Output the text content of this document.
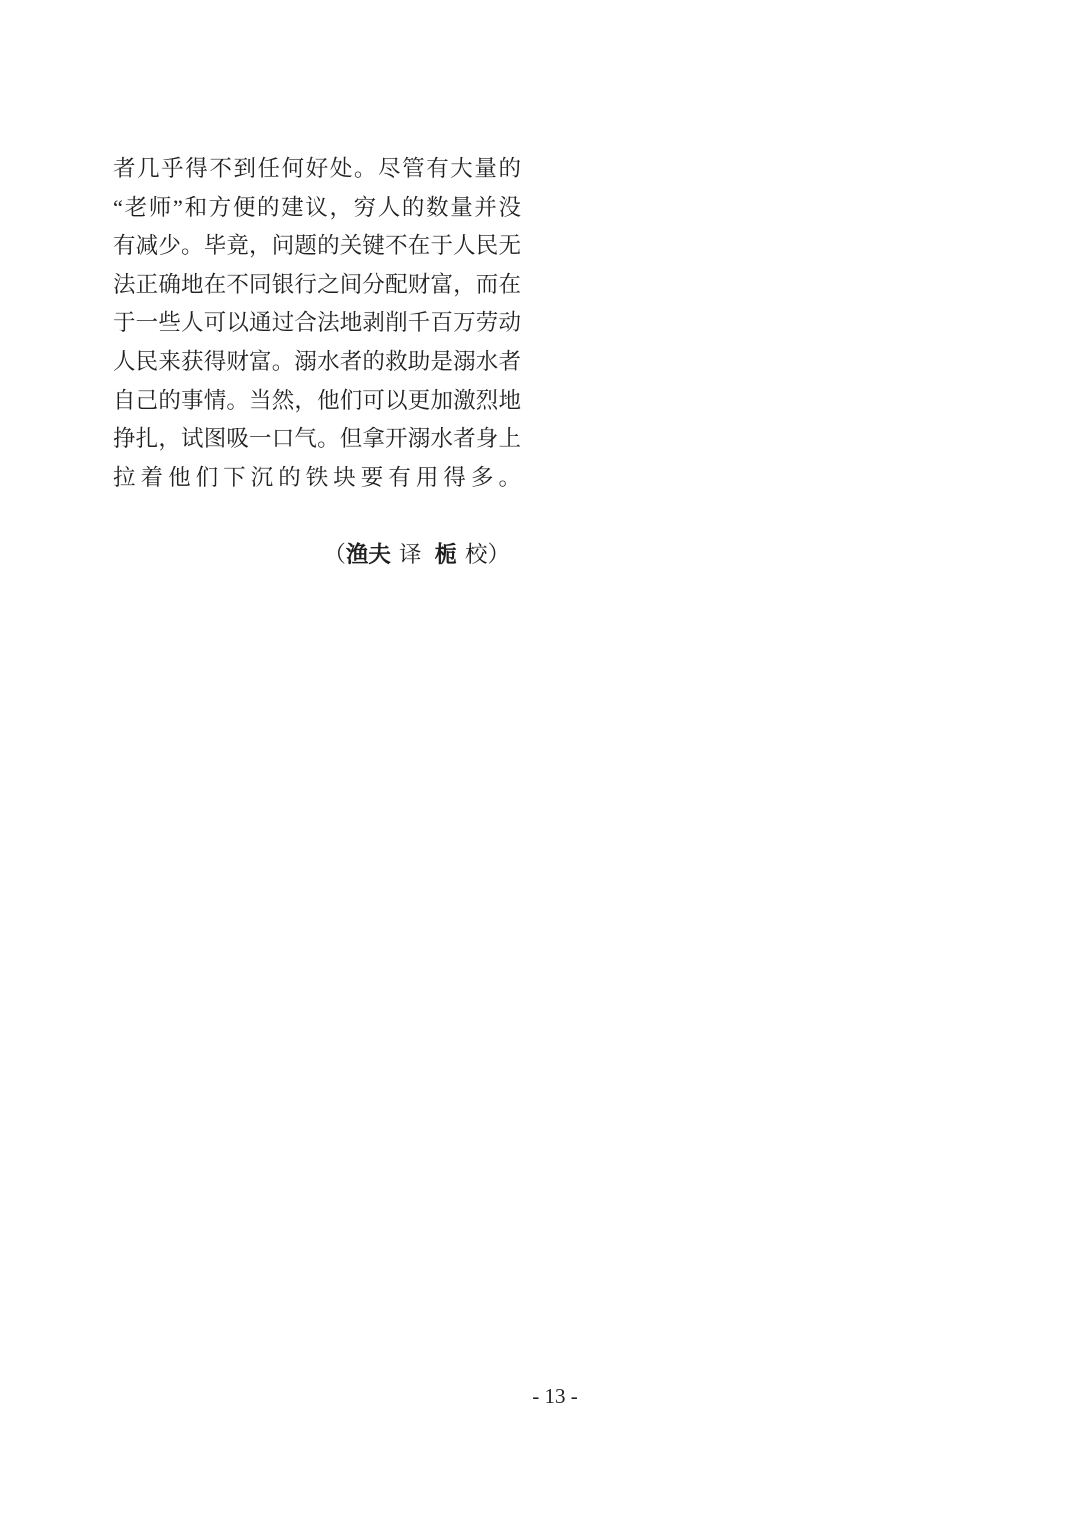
者几乎得不到任何好处。尽管有大量的
“老师”和方便的建议，穷人的数量并没
有减少。毕竟，问题的关键不在于人民无
法正确地在不同银行之间分配财富，而在
于一些人可以通过合法地剥削千百万劳动
人民来获得财富。溺水者的救助是溺水者
自己的事情。当然，他们可以更加激烈地
挣扎，试图吸一口气。但拿开溺水者身上
拉着他们下沉的铁块要有用得多。
（渔夫 译 栀 校）
- 13 -
